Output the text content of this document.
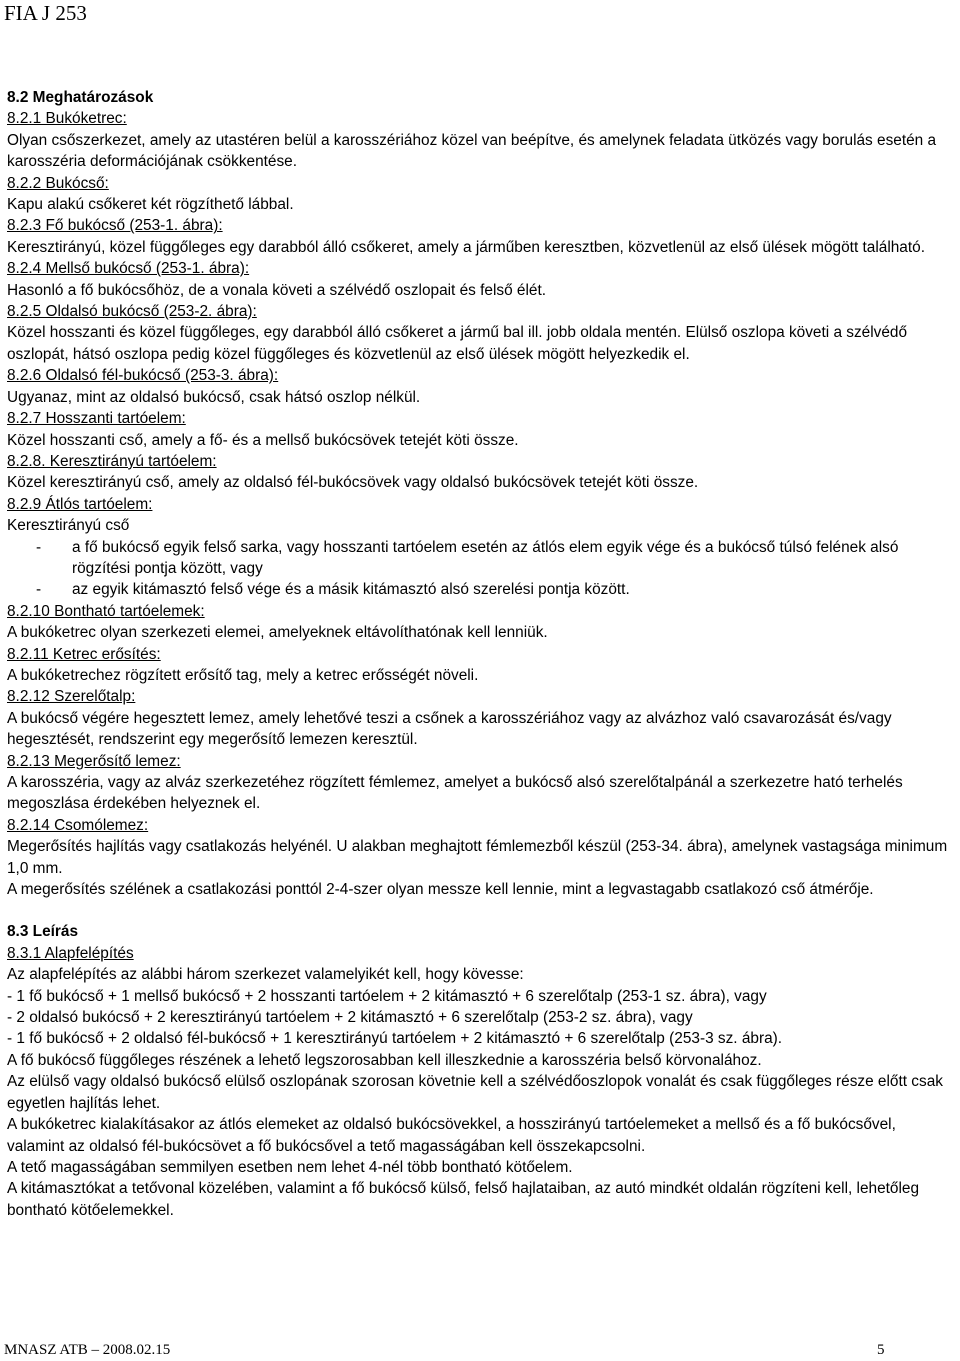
FIA J 253

8.2 Meghatározások

8.2.1 Bukóketrec:

Olyan csőszerkezet, amely az utastéren belül a karosszériához közel van beépítve, és amelynek feladata ütközés vagy borulás esetén a karosszéria deformációjának csökkentése.

8.2.2 Bukócső:

Kapu alakú csőkeret két rögzíthető lábbal.

8.2.3 Fő bukócső (253-1. ábra):

Keresztirányú, közel függőleges egy darabból álló csőkeret, amely a járműben keresztben, közvetlenül az első ülések mögött található.

8.2.4 Mellső bukócső (253-1. ábra):

Hasonló a fő bukócsőhöz, de a vonala követi a szélvédő oszlopait és felső élét.

8.2.5 Oldalsó bukócső (253-2. ábra):

Közel hosszanti és közel függőleges, egy darabból álló csőkeret a jármű bal ill. jobb oldala mentén. Elülső oszlopa követi a szélvédő oszlopát, hátsó oszlopa pedig közel függőleges és közvetlenül az első ülések mögött helyezkedik el.

8.2.6 Oldalsó fél-bukócső (253-3. ábra):

Ugyanaz, mint az oldalsó bukócső, csak hátsó oszlop nélkül.

8.2.7 Hosszanti tartóelem:

Közel hosszanti cső, amely a fő- és a mellső bukócsövek tetejét köti össze.

8.2.8. Keresztirányú tartóelem:

Közel keresztirányú cső, amely az oldalsó fél-bukócsövek vagy oldalsó bukócsövek tetejét köti össze.

8.2.9 Átlós tartóelem:

Keresztirányú cső

- a fő bukócső egyik felső sarka, vagy hosszanti tartóelem esetén az átlós elem egyik vége és a bukócső túlsó felének alsó rögzítési pontja között, vagy

- az egyik kitámasztó felső vége és a másik kitámasztó alsó szerelési pontja között.

8.2.10 Bontható tartóelemek:

A bukóketrec olyan szerkezeti elemei, amelyeknek eltávolíthatónak kell lenniük.

8.2.11 Ketrec erősítés:

A bukóketrechez rögzített erősítő tag, mely a ketrec erősségét növeli.

8.2.12 Szerelőtalp:

A bukócső végére hegesztett lemez, amely lehetővé teszi a csőnek a karosszériához vagy az alvázhoz való csavarozását és/vagy hegesztését, rendszerint egy megerősítő lemezen keresztül.

8.2.13 Megerősítő lemez:

A karosszéria, vagy az alváz szerkezetéhez rögzített fémlemez, amelyet a bukócső alsó szerelőtalpánál a szerkezetre ható terhelés megoszlása érdekében helyeznek el.

8.2.14 Csomólemez:

Megerősítés hajlítás vagy csatlakozás helyénél. U alakban meghajtott fémlemezből készül (253-34. ábra), amelynek vastagsága minimum 1,0 mm.

A megerősítés szélének a csatlakozási ponttól 2-4-szer olyan messze kell lennie, mint a legvastagabb csatlakozó cső átmérője.

8.3 Leírás

8.3.1 Alapfelépítés

Az alapfelépítés az alábbi három szerkezet valamelyikét kell, hogy kövesse:

- 1 fő bukócső + 1 mellső bukócső + 2 hosszanti tartóelem + 2 kitámasztó + 6 szerelőtalp (253-1 sz. ábra), vagy

- 2 oldalsó bukócső + 2 keresztirányú tartóelem + 2 kitámasztó + 6 szerelőtalp (253-2 sz. ábra), vagy

- 1 fő bukócső + 2 oldalsó fél-bukócső + 1 keresztirányú tartóelem + 2 kitámasztó + 6 szerelőtalp (253-3 sz. ábra).

A fő bukócső függőleges részének a lehető legszorosabban kell illeszkednie a karosszéria belső körvonalához.

Az elülső vagy oldalsó bukócső elülső oszlopának szorosan követnie kell a szélvédőoszlopok vonalát és csak függőleges része előtt csak egyetlen hajlítás lehet.

A bukóketrec kialakításakor az átlós elemeket az oldalsó bukócsövekkel, a hosszirányú tartóelemeket a mellső és a fő bukócsővel, valamint az oldalsó fél-bukócsövet a fő bukócsővel a tető magasságában kell összekapcsolni.

A tető magasságában semmilyen esetben nem lehet 4-nél több bontható kötőelem.

A kitámasztókat a tetővonal közelében, valamint a fő bukócső külső, felső hajlataiban, az autó mindkét oldalán rögzíteni kell, lehetőleg bontható kötőelemekkel.

MNASZ ATB – 2008.02.15	5
